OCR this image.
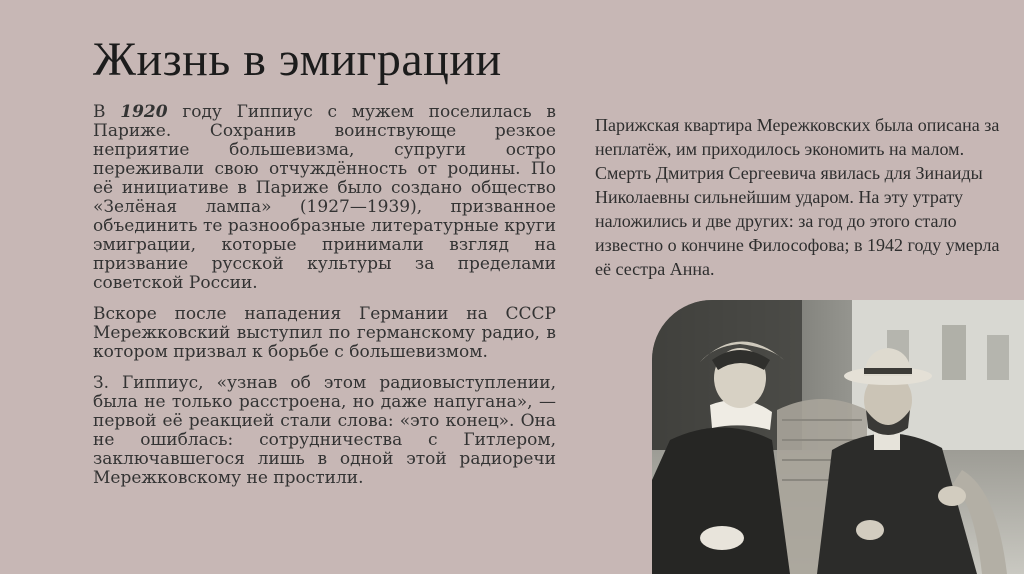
Жизнь в эмиграции

В 1920 году Гиппиус с мужем поселилась в Париже. Сохранив воинствующе резкое неприятие большевизма, супруги остро переживали свою отчуждённость от родины. По её инициативе в Париже было создано общество «Зелёная лампа» (1927—1939), призванное объединить те разнообразные литературные круги эмиграции, которые принимали взгляд на призвание русской культуры за пределами советской России.

Вскоре после нападения Германии на СССР Мережковский выступил по германскому радио, в котором призвал к борьбе с большевизмом.

З. Гиппиус, «узнав об этом радиовыступлении, была не только расстроена, но даже напугана», — первой её реакцией стали слова: «это конец». Она не ошиблась: сотрудничества с Гитлером, заключавшегося лишь в одной этой радиоречи Мережковскому не простили.

Парижская квартира Мережковских была описана за неплатёж, им приходилось экономить на малом. Смерть Дмитрия Сергеевича явилась для Зинаиды Николаевны сильнейшим ударом. На эту утрату наложились и две других: за год до этого стало известно о кончине Философова; в 1942 году умерла её сестра Анна.
